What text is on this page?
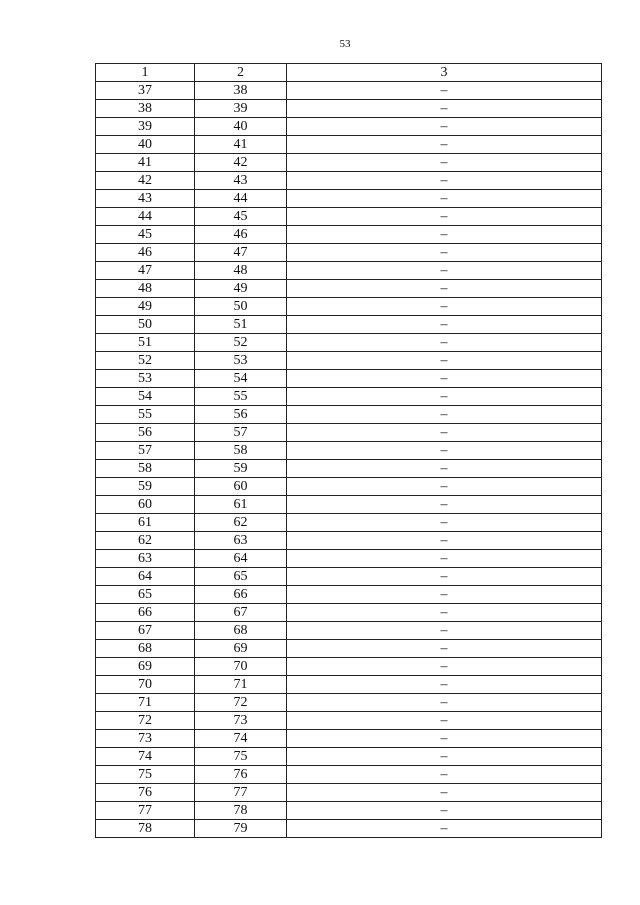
53
1	2	3
37	38	–
38	39	–
39	40	–
40	41	–
41	42	–
42	43	–
43	44	–
44	45	–
45	46	–
46	47	–
47	48	–
48	49	–
49	50	–
50	51	–
51	52	–
52	53	–
53	54	–
54	55	–
55	56	–
56	57	–
57	58	–
58	59	–
59	60	–
60	61	–
61	62	–
62	63	–
63	64	–
64	65	–
65	66	–
66	67	–
67	68	–
68	69	–
69	70	–
70	71	–
71	72	–
72	73	–
73	74	–
74	75	–
75	76	–
76	77	–
77	78	–
78	79	–
